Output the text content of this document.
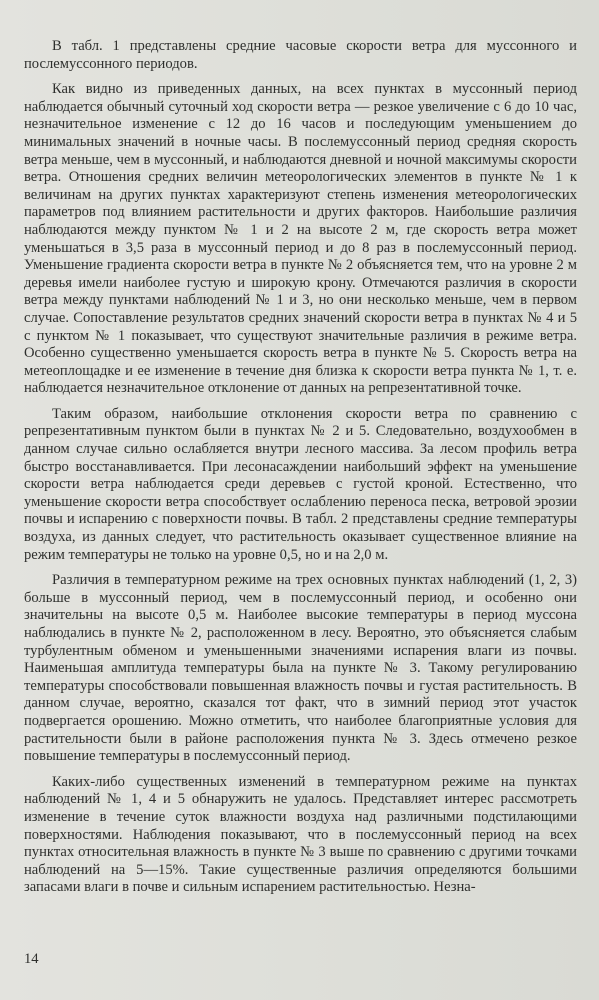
В табл. 1 представлены средние часовые скорости ветра для муссонного и послемуссонного периодов.

Как видно из приведенных данных, на всех пунктах в муссонный период наблюдается обычный суточный ход скорости ветра — резкое увеличение с 6 до 10 час, незначительное изменение с 12 до 16 часов и последующим уменьшением до минимальных значений в ночные часы. В послемуссонный период средняя скорость ветра меньше, чем в муссонный, и наблюдаются дневной и ночной максимумы скорости ветра. Отношения средних величин метеорологических элементов в пункте № 1 к величинам на других пунктах характеризуют степень изменения метеорологических параметров под влиянием растительности и других факторов. Наибольшие различия наблюдаются между пунктом № 1 и 2 на высоте 2 м, где скорость ветра может уменьшаться в 3,5 раза в муссонный период и до 8 раз в послемуссонный период. Уменьшение градиента скорости ветра в пункте № 2 объясняется тем, что на уровне 2 м деревья имели наиболее густую и широкую крону. Отмечаются различия в скорости ветра между пунктами наблюдений № 1 и 3, но они несколько меньше, чем в первом случае. Сопоставление результатов средних значений скорости ветра в пунктах № 4 и 5 с пунктом № 1 показывает, что существуют значительные различия в режиме ветра. Особенно существенно уменьшается скорость ветра в пункте № 5. Скорость ветра на метеоплощадке и ее изменение в течение дня близка к скорости ветра пункта № 1, т. е. наблюдается незначительное отклонение от данных на репрезентативной точке.

Таким образом, наибольшие отклонения скорости ветра по сравнению с репрезентативным пунктом были в пунктах № 2 и 5. Следовательно, воздухообмен в данном случае сильно ослабляется внутри лесного массива. За лесом профиль ветра быстро восстанавливается. При лесонасаждении наибольший эффект на уменьшение скорости ветра наблюдается среди деревьев с густой кроной. Естественно, что уменьшение скорости ветра способствует ослаблению переноса песка, ветровой эрозии почвы и испарению с поверхности почвы. В табл. 2 представлены средние температуры воздуха, из данных следует, что растительность оказывает существенное влияние на режим температуры не только на уровне 0,5, но и на 2,0 м.

Различия в температурном режиме на трех основных пунктах наблюдений (1, 2, 3) больше в муссонный период, чем в послемуссонный период, и особенно они значительны на высоте 0,5 м. Наиболее высокие температуры в период муссона наблюдались в пункте № 2, расположенном в лесу. Вероятно, это объясняется слабым турбулентным обменом и уменьшенными значениями испарения влаги из почвы. Наименьшая амплитуда температуры была на пункте № 3. Такому регулированию температуры способствовали повышенная влажность почвы и густая растительность. В данном случае, вероятно, сказался тот факт, что в зимний период этот участок подвергается орошению. Можно отметить, что наиболее благоприятные условия для растительности были в районе расположения пункта № 3. Здесь отмечено резкое повышение температуры в послемуссонный период.

Каких-либо существенных изменений в температурном режиме на пунктах наблюдений № 1, 4 и 5 обнаружить не удалось. Представляет интерес рассмотреть изменение в течение суток влажности воздуха над различными подстилающими поверхностями. Наблюдения показывают, что в послемуссонный период на всех пунктах относительная влажность в пункте № 3 выше по сравнению с другими точками наблюдений на 5—15%. Такие существенные различия определяются большими запасами влаги в почве и сильным испарением растительностью. Незна-

14
